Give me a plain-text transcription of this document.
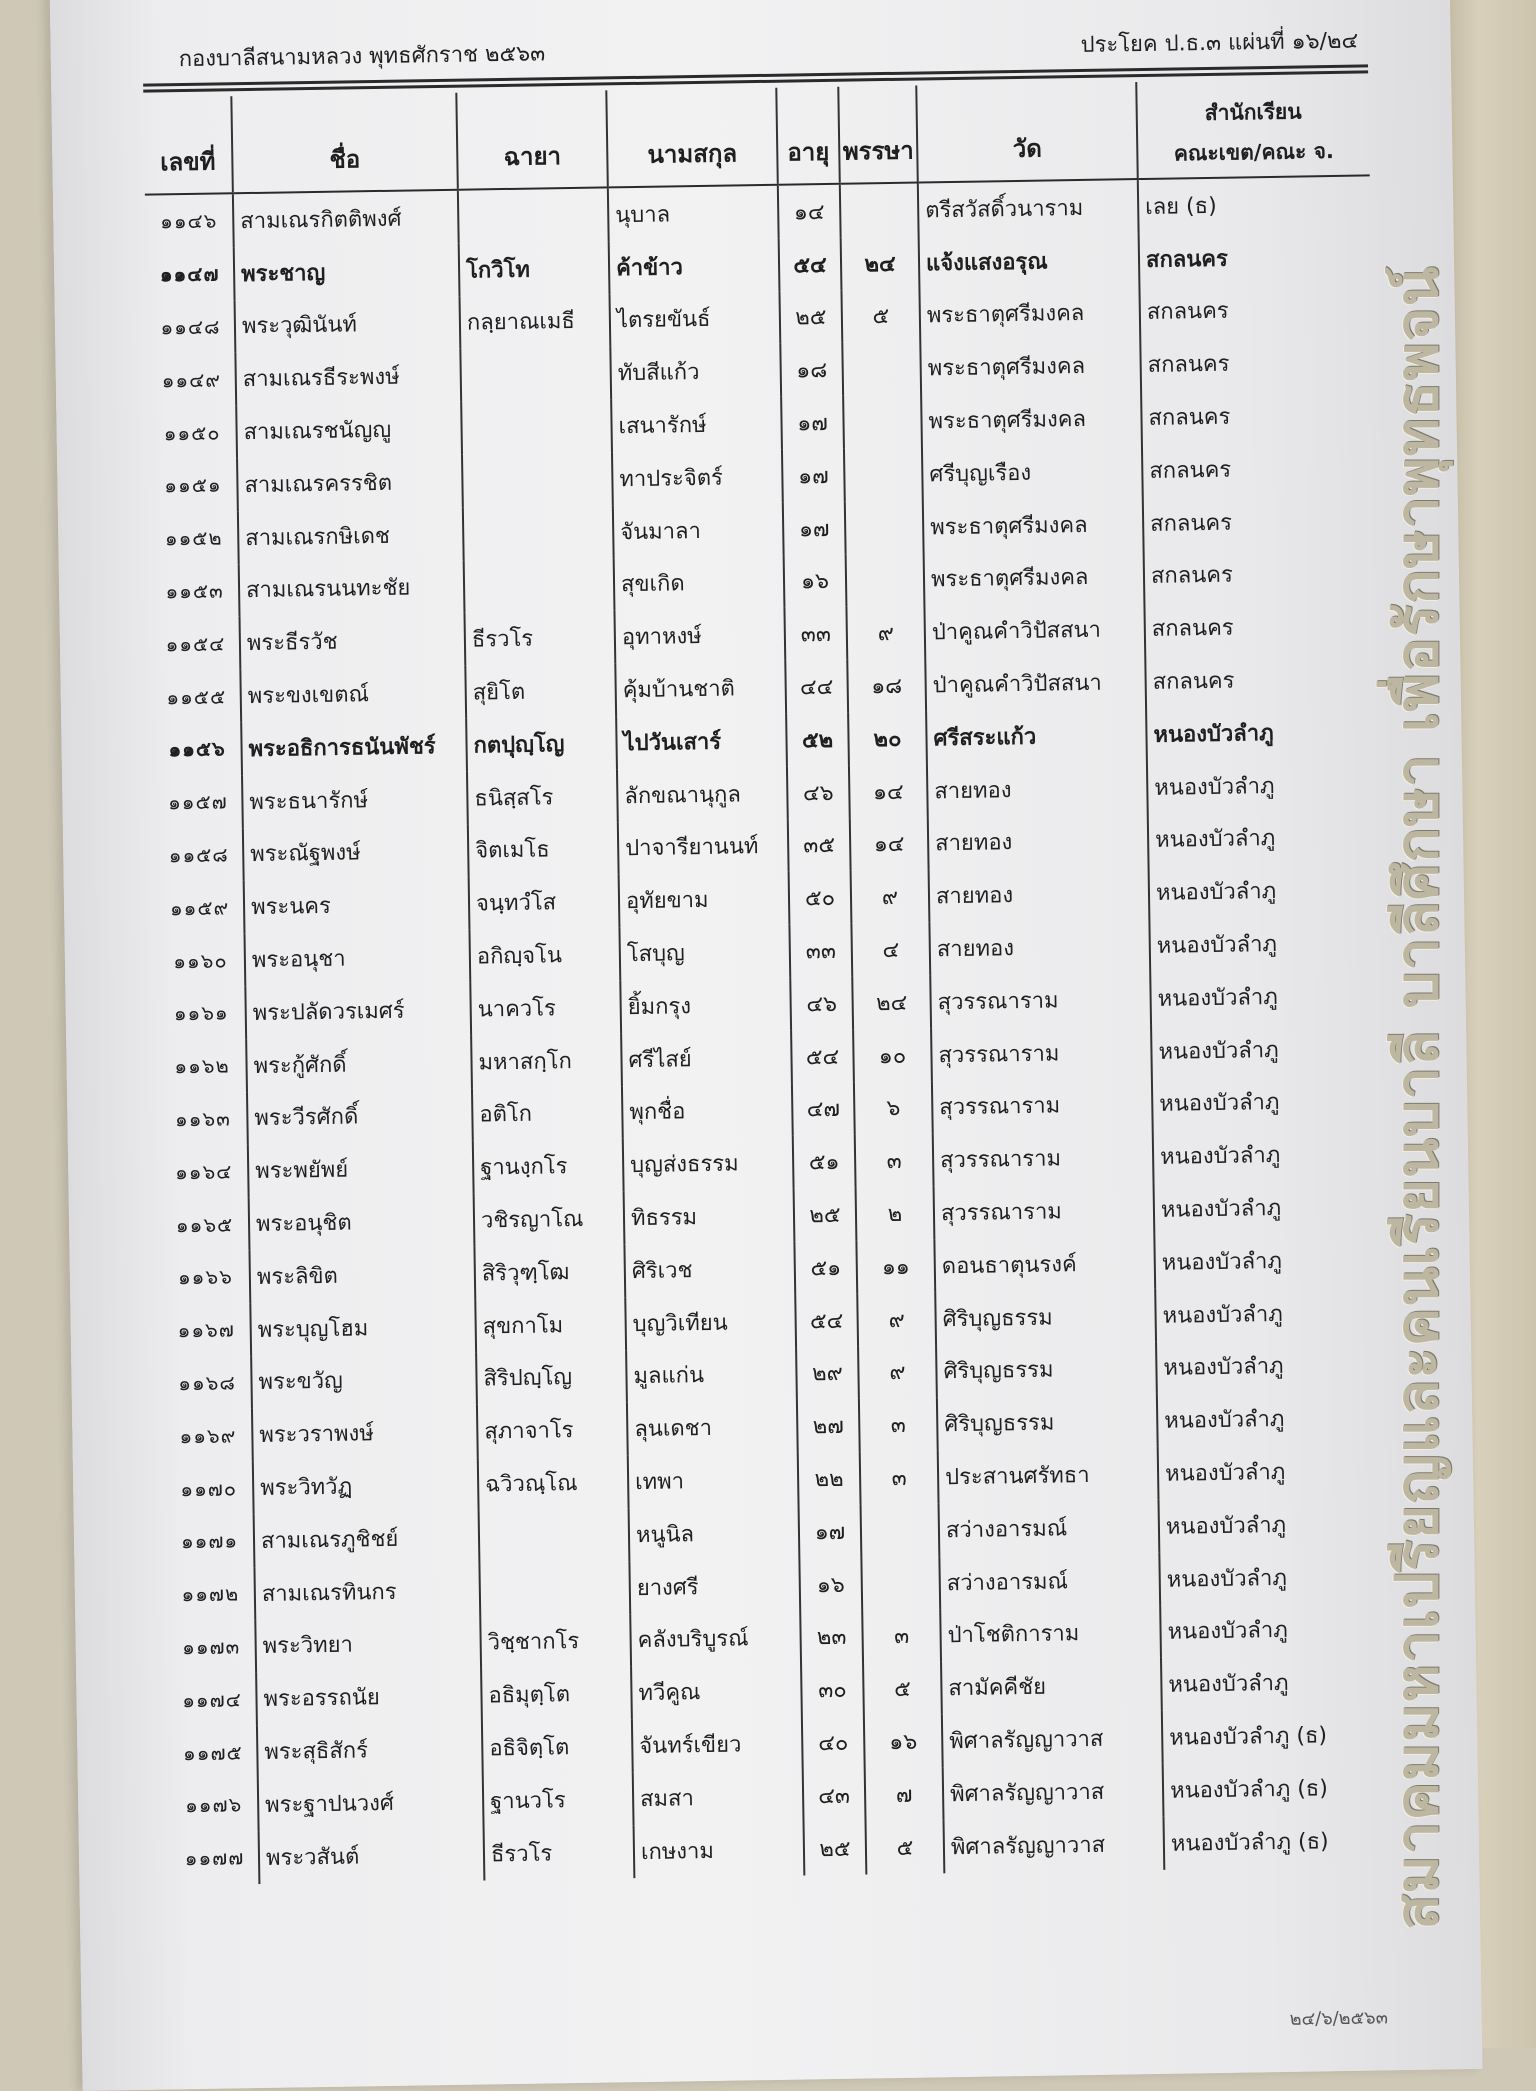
กองบาลีสนามหลวง พุทธศักราช ๒๕๖๓	ประโยค ป.ธ.๓ แผ่นที่ ๑๖/๒๔
เลขที่	ชื่อ	ฉายา	นามสกุล	อายุ	พรรษา	วัด	สำนักเรียน
คณะเขต/คณะ จ.

๑๑๔๖	สามเณรกิตติพงศ์		นุบาล	๑๔		ตรีสวัสดิ์วนาราม	เลย (ธ)
๑๑๔๗	พระชาญ	โกวิโท	ค้าข้าว	๕๔	๒๔	แจ้งแสงอรุณ	สกลนคร
๑๑๔๘	พระวุฒินันท์	กลฺยาณเมธี	ไตรยขันธ์	๒๕	๕	พระธาตุศรีมงคล	สกลนคร
๑๑๔๙	สามเณรธีระพงษ์		ทับสีแก้ว	๑๘		พระธาตุศรีมงคล	สกลนคร
๑๑๕๐	สามเณรชนัญญู		เสนารักษ์	๑๗		พระธาตุศรีมงคล	สกลนคร
๑๑๕๑	สามเณรครรชิต		ทาประจิตร์	๑๗		ศรีบุญเรือง	สกลนคร
๑๑๕๒	สามเณรกษิเดช		จันมาลา	๑๗		พระธาตุศรีมงคล	สกลนคร
๑๑๕๓	สามเณรนนทะชัย		สุขเกิด	๑๖		พระธาตุศรีมงคล	สกลนคร
๑๑๕๔	พระธีรวัช	ธีรวโร	อุทาหงษ์	๓๓	๙	ป่าคูณคำวิปัสสนา	สกลนคร
๑๑๕๕	พระขงเขตณ์	สุยิโต	คุ้มบ้านชาติ	๔๔	๑๘	ป่าคูณคำวิปัสสนา	สกลนคร
๑๑๕๖	พระอธิการธนันพัชร์	กตปุญฺโญ	ไปวันเสาร์	๕๒	๒๐	ศรีสระแก้ว	หนองบัวลำภู
๑๑๕๗	พระธนารักษ์	ธนิสฺสโร	ลักขณานุกูล	๔๖	๑๔	สายทอง	หนองบัวลำภู
๑๑๕๘	พระณัฐพงษ์	จิตเมโธ	ปาจารียานนท์	๓๕	๑๔	สายทอง	หนองบัวลำภู
๑๑๕๙	พระนคร	จนฺทวํโส	อุทัยขาม	๕๐	๙	สายทอง	หนองบัวลำภู
๑๑๖๐	พระอนุชา	อกิญฺจโน	โสบุญ	๓๓	๔	สายทอง	หนองบัวลำภู
๑๑๖๑	พระปลัดวรเมศร์	นาควโร	ยิ้มกรุง	๔๖	๒๔	สุวรรณาราม	หนองบัวลำภู
๑๑๖๒	พระกู้ศักดิ์	มหาสกฺโก	ศรีไสย์	๕๔	๑๐	สุวรรณาราม	หนองบัวลำภู
๑๑๖๓	พระวีรศักดิ์	อติโก	พุกชื่อ	๔๗	๖	สุวรรณาราม	หนองบัวลำภู
๑๑๖๔	พระพยัพย์	ฐานงฺกโร	บุญส่งธรรม	๕๑	๓	สุวรรณาราม	หนองบัวลำภู
๑๑๖๕	พระอนุชิต	วชิรญาโณ	ทิธรรม	๒๕	๒	สุวรรณาราม	หนองบัวลำภู
๑๑๖๖	พระลิขิต	สิริวุฑฺโฒ	ศิริเวช	๕๑	๑๑	ดอนธาตุนรงค์	หนองบัวลำภู
๑๑๖๗	พระบุญโฮม	สุขกาโม	บุญวิเทียน	๕๔	๙	ศิริบุญธรรม	หนองบัวลำภู
๑๑๖๘	พระขวัญ	สิริปญฺโญ	มูลแก่น	๒๙	๙	ศิริบุญธรรม	หนองบัวลำภู
๑๑๖๙	พระวราพงษ์	สุภาจาโร	ลุนเดชา	๒๗	๓	ศิริบุญธรรม	หนองบัวลำภู
๑๑๗๐	พระวิทวัฏ	ฉวิวณฺโณ	เทพา	๒๒	๓	ประสานศรัทธา	หนองบัวลำภู
๑๑๗๑	สามเณรภูชิชย์		หนูนิล	๑๗		สว่างอารมณ์	หนองบัวลำภู
๑๑๗๒	สามเณรทินกร		ยางศรี	๑๖		สว่างอารมณ์	หนองบัวลำภู
๑๑๗๓	พระวิทยา	วิชฺชากโร	คลังบริบูรณ์	๒๓	๓	ป่าโชติการาม	หนองบัวลำภู
๑๑๗๔	พระอรรถนัย	อธิมุตฺโต	ทวีคูณ	๓๐	๕	สามัคคีชัย	หนองบัวลำภู
๑๑๗๕	พระสุธิสักร์	อธิจิตฺโต	จันทร์เขียว	๔๐	๑๖	พิศาลรัญญาวาส	หนองบัวลำภู (ธ)
๑๑๗๖	พระฐาปนวงศ์	ฐานวโร	สมสา	๔๓	๗	พิศาลรัญญาวาส	หนองบัวลำภู (ธ)
๑๑๗๗	พระวสันต์	ธีรวโร	เกษงาม	๒๕	๕	พิศาลรัญญาวาส	หนองบัวลำภู (ธ)
๒๔/๖/๒๕๖๓
สมาคมมหาเปรียญและคนเรียนบาลี บาลีศึกษา เพื่อรักษาพุทธพจน์
